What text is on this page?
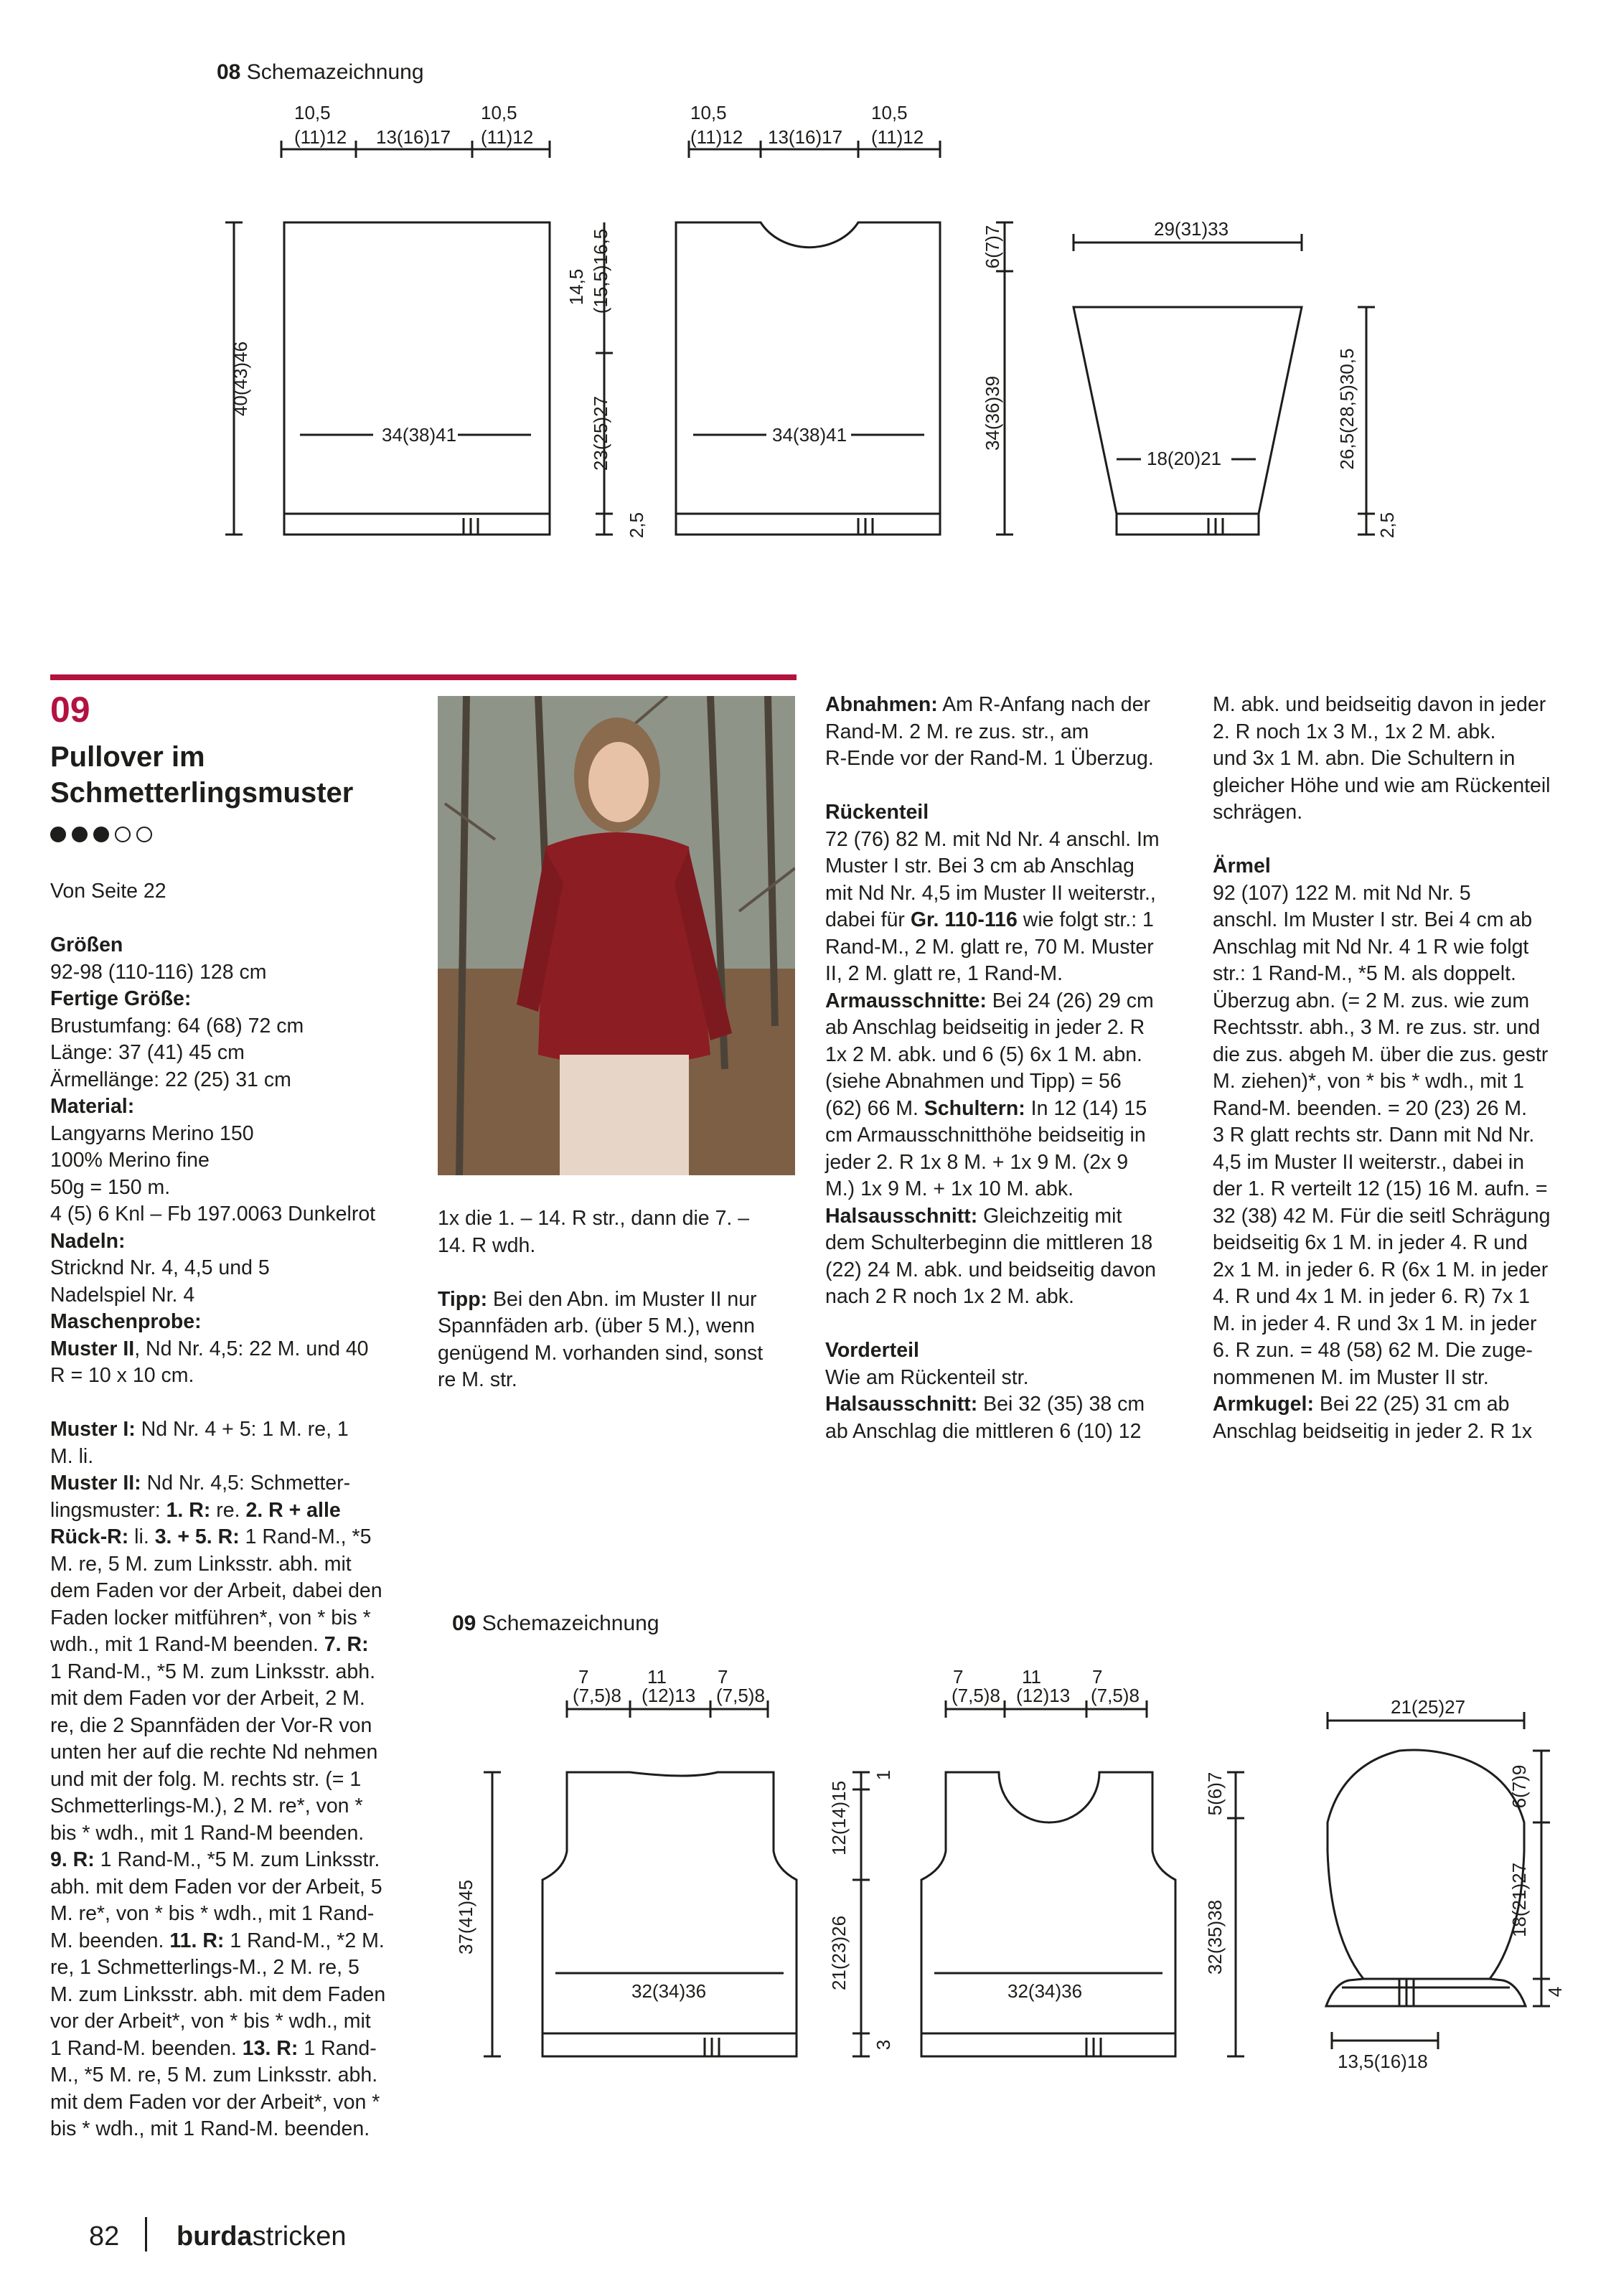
08 Schemazeichnung
10,5
(11)12 13(16)17
10,5
(11)12
40(43)46
34(38)41
14,5 (15,5)16,5
23(25)27
2,5
10,5
(11)12 13(16)17
10,5
(11)12
34(38)41
6(7)7
34(36)39
29(31)33
18(20)21	26,5(28,5)30,5
2,5
09
Pullover im Schmetterlingsmuster

Von Seite 22

Größen

92-98 (110-116) 128 cm

Fertige Größe:

Brustumfang: 64 (68) 72 cm

Länge: 37 (41) 45 cm

Ärmellänge: 22 (25) 31 cm

Material:

Langyarns Merino 150

100% Merino fine

50g = 150 m.

4 (5) 6 Knl – Fb 197.0063 Dunkelrot

Nadeln:

Stricknd Nr. 4, 4,5 und 5

Nadelspiel Nr. 4

Maschenprobe:

Muster II, Nd Nr. 4,5: 22 M. und 40

R = 10 x 10 cm.

Muster I: Nd Nr. 4 + 5: 1 M. re, 1

M. li.

Muster II: Nd Nr. 4,5: Schmetter-

lingsmuster: 1. R: re. 2. R + alle

Rück-R: li. 3. + 5. R: 1 Rand-M., *5

M. re, 5 M. zum Linksstr. abh. mit

dem Faden vor der Arbeit, dabei den

Faden locker mitführen*, von * bis *

wdh., mit 1 Rand-M beenden. 7. R:

1 Rand-M., *5 M. zum Linksstr. abh.

mit dem Faden vor der Arbeit, 2 M.

re, die 2 Spannfäden der Vor-R von

unten her auf die rechte Nd nehmen

und mit der folg. M. rechts str. (= 1

Schmetterlings-M.), 2 M. re*, von *

bis * wdh., mit 1 Rand-M beenden.

9. R: 1 Rand-M., *5 M. zum Linksstr.

abh. mit dem Faden vor der Arbeit, 5

M. re*, von * bis * wdh., mit 1 Rand-

M. beenden. 11. R: 1 Rand-M., *2 M.

re, 1 Schmetterlings-M., 2 M. re, 5

M. zum Linksstr. abh. mit dem Faden

vor der Arbeit*, von * bis * wdh., mit

1 Rand-M. beenden. 13. R: 1 Rand-

M., *5 M. re, 5 M. zum Linksstr. abh.

mit dem Faden vor der Arbeit*, von *

bis * wdh., mit 1 Rand-M. beenden.

1x die 1. – 14. R str., dann die 7. –

14. R wdh.

Tipp: Bei den Abn. im Muster II nur

Spannfäden arb. (über 5 M.), wenn

genügend M. vorhanden sind, sonst

re M. str.

Abnahmen: Am R-Anfang nach der

Rand-M. 2 M. re zus. str., am

R-Ende vor der Rand-M. 1 Überzug.

Rückenteil

72 (76) 82 M. mit Nd Nr. 4 anschl. Im

Muster I str. Bei 3 cm ab Anschlag

mit Nd Nr. 4,5 im Muster II weiterstr.,

dabei für Gr. 110-116 wie folgt str.: 1

Rand-M., 2 M. glatt re, 70 M. Muster

II, 2 M. glatt re, 1 Rand-M.

Armausschnitte: Bei 24 (26) 29 cm

ab Anschlag beidseitig in jeder 2. R

1x 2 M. abk. und 6 (5) 6x 1 M. abn.

(siehe Abnahmen und Tipp) = 56

(62) 66 M. Schultern: In 12 (14) 15

cm Armausschnitthöhe beidseitig in

jeder 2. R 1x 8 M. + 1x 9 M. (2x 9

M.) 1x 9 M. + 1x 10 M. abk.

Halsausschnitt: Gleichzeitig mit

dem Schulterbeginn die mittleren 18

(22) 24 M. abk. und beidseitig davon

nach 2 R noch 1x 2 M. abk.

Vorderteil

Wie am Rückenteil str.

Halsausschnitt: Bei 32 (35) 38 cm

ab Anschlag die mittleren 6 (10) 12

M. abk. und beidseitig davon in jeder

2. R noch 1x 3 M., 1x 2 M. abk.

und 3x 1 M. abn. Die Schultern in

gleicher Höhe und wie am Rückenteil

schrägen.

Ärmel

92 (107) 122 M. mit Nd Nr. 5

anschl. Im Muster I str. Bei 4 cm ab

Anschlag mit Nd Nr. 4 1 R wie folgt

str.: 1 Rand-M., *5 M. als doppelt.

Überzug abn. (= 2 M. zus. wie zum

Rechtsstr. abh., 3 M. re zus. str. und

die zus. abgeh M. über die zus. gestr

M. ziehen)*, von * bis * wdh., mit 1

Rand-M. beenden. = 20 (23) 26 M.

3 R glatt rechts str. Dann mit Nd Nr.

4,5 im Muster II weiterstr., dabei in

der 1. R verteilt 12 (15) 16 M. aufn. =

32 (38) 42 M. Für die seitl Schrägung

beidseitig 6x 1 M. in jeder 4. R und

2x 1 M. in jeder 6. R (6x 1 M. in jeder

4. R und 4x 1 M. in jeder 6. R) 7x 1

M. in jeder 4. R und 3x 1 M. in jeder

6. R zun. = 48 (58) 62 M. Die zuge-

nommenen M. im Muster II str.

Armkugel: Bei 22 (25) 31 cm ab

Anschlag beidseitig in jeder 2. R 1x

09 Schemazeichnung
7
(7,5)8
11
(12)13
7
(7,5)8
37(41)45
32(34)36
12(14)15
1
21(23)26
3
7
(7,5)8
11
(12)13
7
(7,5)8
32(34)36
5(6)7
32(35)38
21(25)27
6(7)9
18(21)27
4
13,5(16)18
82 burdastricken
